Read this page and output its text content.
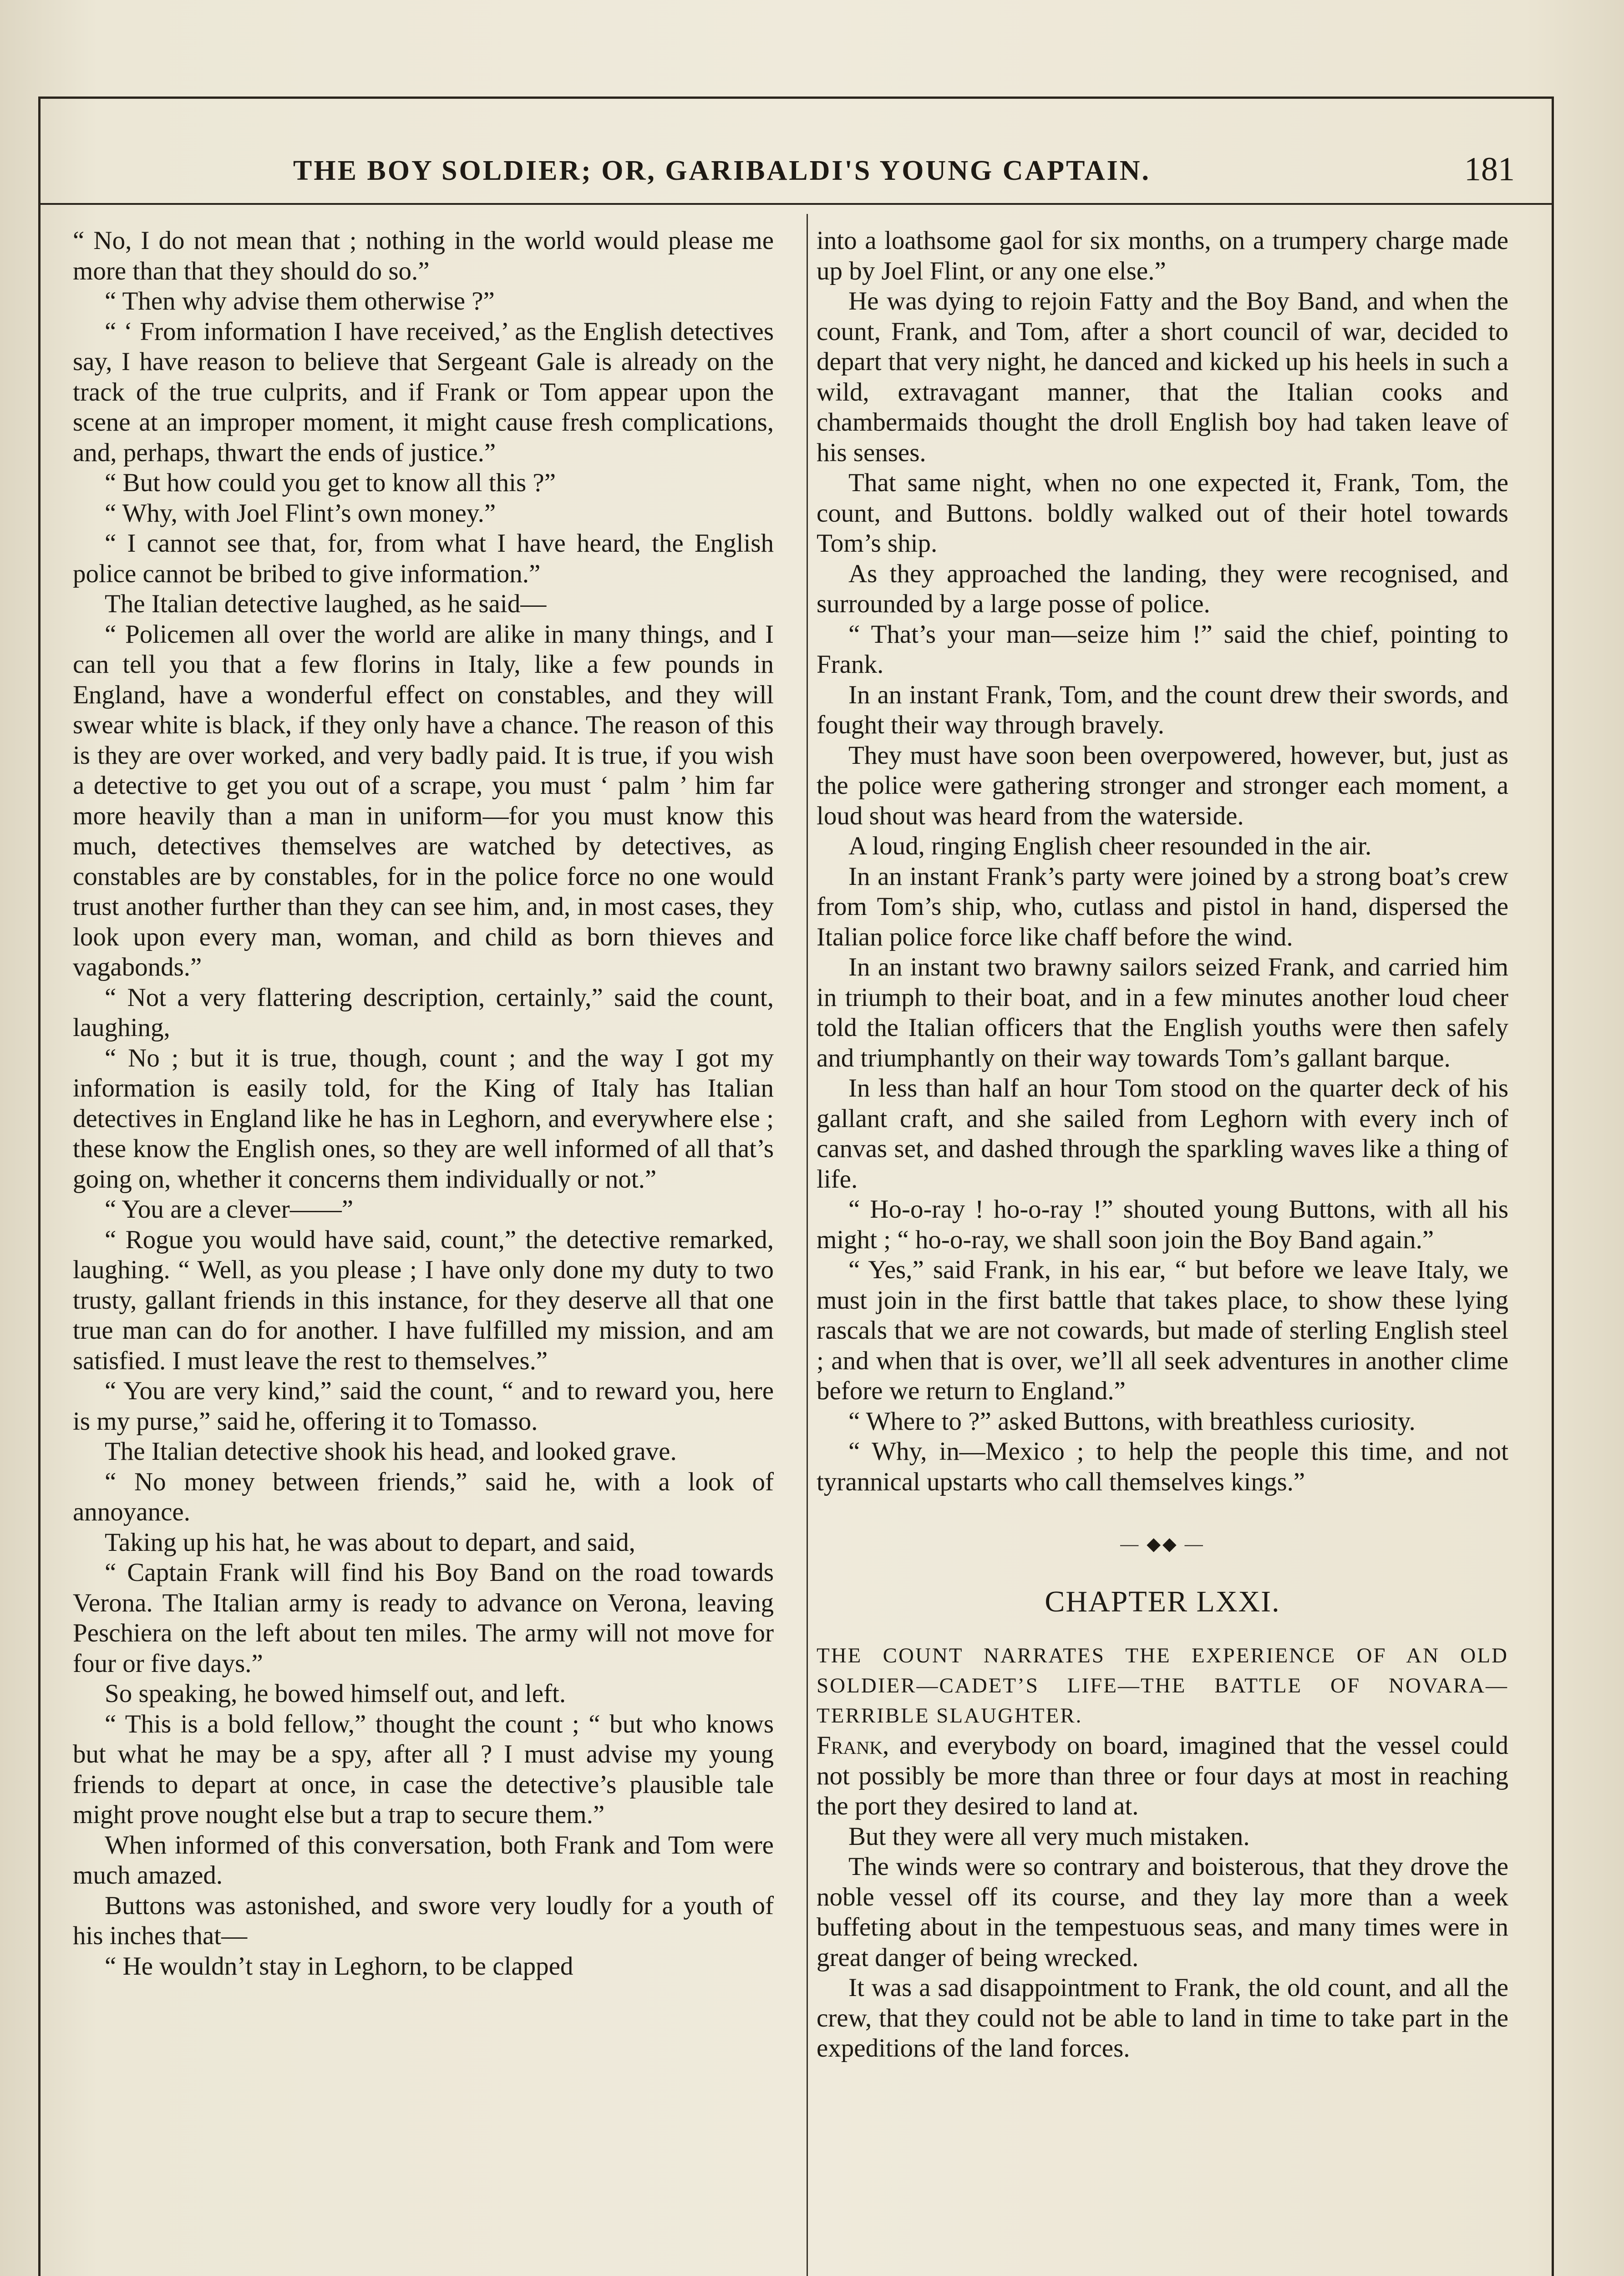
THE BOY SOLDIER; OR, GARIBALDI'S YOUNG CAPTAIN.	181

“ No, I do not mean that ; nothing in the world would please me more than that they should do so.”

“ Then why advise them otherwise ?”

“ ‘ From information I have received,’ as the English detectives say, I have reason to believe that Sergeant Gale is already on the track of the true culprits, and if Frank or Tom appear upon the scene at an improper moment, it might cause fresh complications, and, perhaps, thwart the ends of justice.”

“ But how could you get to know all this ?”

“ Why, with Joel Flint’s own money.”

“ I cannot see that, for, from what I have heard, the English police cannot be bribed to give information.”

The Italian detective laughed, as he said—

“ Policemen all over the world are alike in many things, and I can tell you that a few florins in Italy, like a few pounds in England, have a wonderful effect on constables, and they will swear white is black, if they only have a chance. The reason of this is they are over worked, and very badly paid. It is true, if you wish a detective to get you out of a scrape, you must ‘ palm ’ him far more heavily than a man in uniform—for you must know this much, detectives themselves are watched by detectives, as constables are by constables, for in the police force no one would trust another further than they can see him, and, in most cases, they look upon every man, woman, and child as born thieves and vagabonds.”

“ Not a very flattering description, certainly,” said the count, laughing,

“ No ; but it is true, though, count ; and the way I got my information is easily told, for the King of Italy has Italian detectives in England like he has in Leghorn, and everywhere else ; these know the English ones, so they are well informed of all that’s going on, whether it concerns them individually or not.”

“ You are a clever——”

“ Rogue you would have said, count,” the detective remarked, laughing. “ Well, as you please ; I have only done my duty to two trusty, gallant friends in this instance, for they deserve all that one true man can do for another. I have fulfilled my mission, and am satisfied. I must leave the rest to themselves.”

“ You are very kind,” said the count, “ and to reward you, here is my purse,” said he, offering it to Tomasso.

The Italian detective shook his head, and looked grave.

“ No money between friends,” said he, with a look of annoyance.

Taking up his hat, he was about to depart, and said,

“ Captain Frank will find his Boy Band on the road towards Verona. The Italian army is ready to advance on Verona, leaving Peschiera on the left about ten miles. The army will not move for four or five days.”

So speaking, he bowed himself out, and left.

“ This is a bold fellow,” thought the count ; “ but who knows but what he may be a spy, after all ? I must advise my young friends to depart at once, in case the detective’s plausible tale might prove nought else but a trap to secure them.”

When informed of this conversation, both Frank and Tom were much amazed.

Buttons was astonished, and swore very loudly for a youth of his inches that—

“ He wouldn’t stay in Leghorn, to be clapped

into a loathsome gaol for six months, on a trumpery charge made up by Joel Flint, or any one else.”

He was dying to rejoin Fatty and the Boy Band, and when the count, Frank, and Tom, after a short council of war, decided to depart that very night, he danced and kicked up his heels in such a wild, extravagant manner, that the Italian cooks and chambermaids thought the droll English boy had taken leave of his senses.

That same night, when no one expected it, Frank, Tom, the count, and Buttons. boldly walked out of their hotel towards Tom’s ship.

As they approached the landing, they were recognised, and surrounded by a large posse of police.

“ That’s your man—seize him !” said the chief, pointing to Frank.

In an instant Frank, Tom, and the count drew their swords, and fought their way through bravely.

They must have soon been overpowered, however, but, just as the police were gathering stronger and stronger each moment, a loud shout was heard from the waterside.

A loud, ringing English cheer resounded in the air.

In an instant Frank’s party were joined by a strong boat’s crew from Tom’s ship, who, cutlass and pistol in hand, dispersed the Italian police force like chaff before the wind.

In an instant two brawny sailors seized Frank, and carried him in triumph to their boat, and in a few minutes another loud cheer told the Italian officers that the English youths were then safely and triumphantly on their way towards Tom’s gallant barque.

In less than half an hour Tom stood on the quarter deck of his gallant craft, and she sailed from Leghorn with every inch of canvas set, and dashed through the sparkling waves like a thing of life.

“ Ho-o-ray ! ho-o-ray !” shouted young Buttons, with all his might ; “ ho-o-ray, we shall soon join the Boy Band again.”

“ Yes,” said Frank, in his ear, “ but before we leave Italy, we must join in the first battle that takes place, to show these lying rascals that we are not cowards, but made of sterling English steel ; and when that is over, we’ll all seek adventures in another clime before we return to England.”

“ Where to ?” asked Buttons, with breathless curiosity.

“ Why, in—Mexico ; to help the people this time, and not tyrannical upstarts who call themselves kings.”

— ◆◆ —
CHAPTER LXXI.

THE COUNT NARRATES THE EXPERIENCE OF AN OLD SOLDIER—CADET’S LIFE—THE BATTLE OF NOVARA—TERRIBLE SLAUGHTER.

Frank, and everybody on board, imagined that the vessel could not possibly be more than three or four days at most in reaching the port they desired to land at.

But they were all very much mistaken.

The winds were so contrary and boisterous, that they drove the noble vessel off its course, and they lay more than a week buffeting about in the tempestuous seas, and many times were in great danger of being wrecked.

It was a sad disappointment to Frank, the old count, and all the crew, that they could not be able to land in time to take part in the expeditions of the land forces.
